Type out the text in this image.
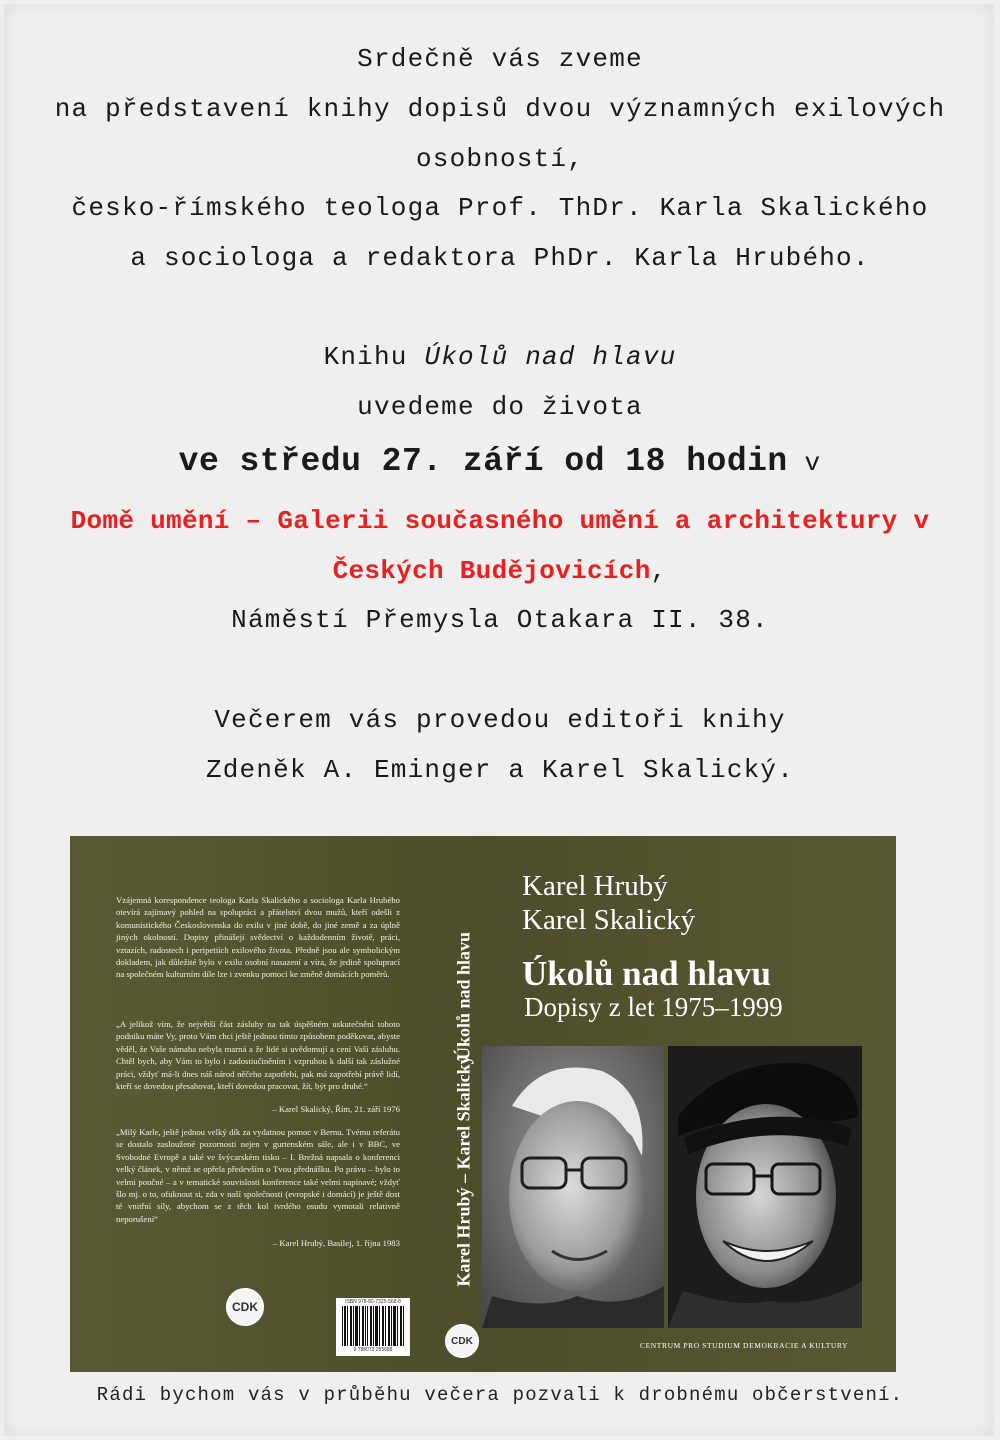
Srdečně vás zveme
na představení knihy dopisů dvou významných exilových
osobností,
česko-římského teologa Prof. ThDr. Karla Skalického
a sociologa a redaktora PhDr. Karla Hrubého.
Knihu Úkolů nad hlavu
uvedeme do života
ve středu 27. září od 18 hodin v
Domě umění – Galerii současného umění a architektury v
Českých Budějovicích,
Náměstí Přemysla Otakara II. 38.
Večerem vás provedou editoři knihy
Zdeněk A. Eminger a Karel Skalický.
Vzájemná korespondence teologa Karla Skalického a sociologa Karla Hrubého otevírá zajímavý pohled na spolupráci a přátelství dvou mužů, kteří odešli z komunistického Československa do exilu v jiné době, do jiné země a za úplně jiných okolností. Dopisy přinášejí svědectví o každodenním životě, práci, vztazích, radostech i peripetiích exilového života. Předně jsou ale symbolickým dokladem, jak důležité bylo v exilu osobní nasazení a víra, že jedině spoluprací na společném kulturním díle lze i zvenku pomoci ke změně domácích poměrů.
„A jelikož vím, že největší část zásluhy na tak úspěšném uskutečnění tohoto podniku máte Vy, proto Vám chci ještě jednou tímto způsobem poděkovat, abyste věděl, že Vaše námaha nebyla marná a že lidé si uvědomují a cení Vaší zásluhu. Chtěl bych, aby Vám to bylo i zadostiučiněním i vzpruhou k další tak záslužné práci, vždyť má-li dnes náš národ něčeho zapotřebí, pak má zapotřebí právě lidí, kteří se dovedou přesahovat, kteří dovedou pracovat, žít, být pro druhé.“
– Karel Skalický, Řím, 21. září 1976
„Milý Karle, ještě jednou velký dík za vydatnou pomoc v Bernu. Tvému referátu se dostalo zasloužené pozornosti nejen v gurtenském sále, ale i v BBC, ve Svobodné Evropě a také ve švýcarském tisku – I. Brežná napsala o konferenci velký článek, v němž se opřela především o Tvou přednášku. Po právu – bylo to velmi poučné – a v tematické souvislosti konference také velmi napínavé; vždyť šlo mj. o to, ofuknout si, zda v naší společnosti (evropské i domácí) je ještě dost té vnitřní síly, abychom se z těch kol tvrdého osudu vymotali relativně neporušení“
– Karel Hrubý, Basilej, 1. října 1983
CDK	ISBN 978-80-7325-568-8
9 788073 255688
Úkolů nad hlavu
Karel Hrubý – Karel Skalický
CDK
Karel Hrubý
Karel Skalický
Úkolů nad hlavu
Dopisy z let 1975–1999
CENTRUM PRO STUDIUM DEMOKRACIE A KULTURY
Rádi bychom vás v průběhu večera pozvali k drobnému občerstvení.
